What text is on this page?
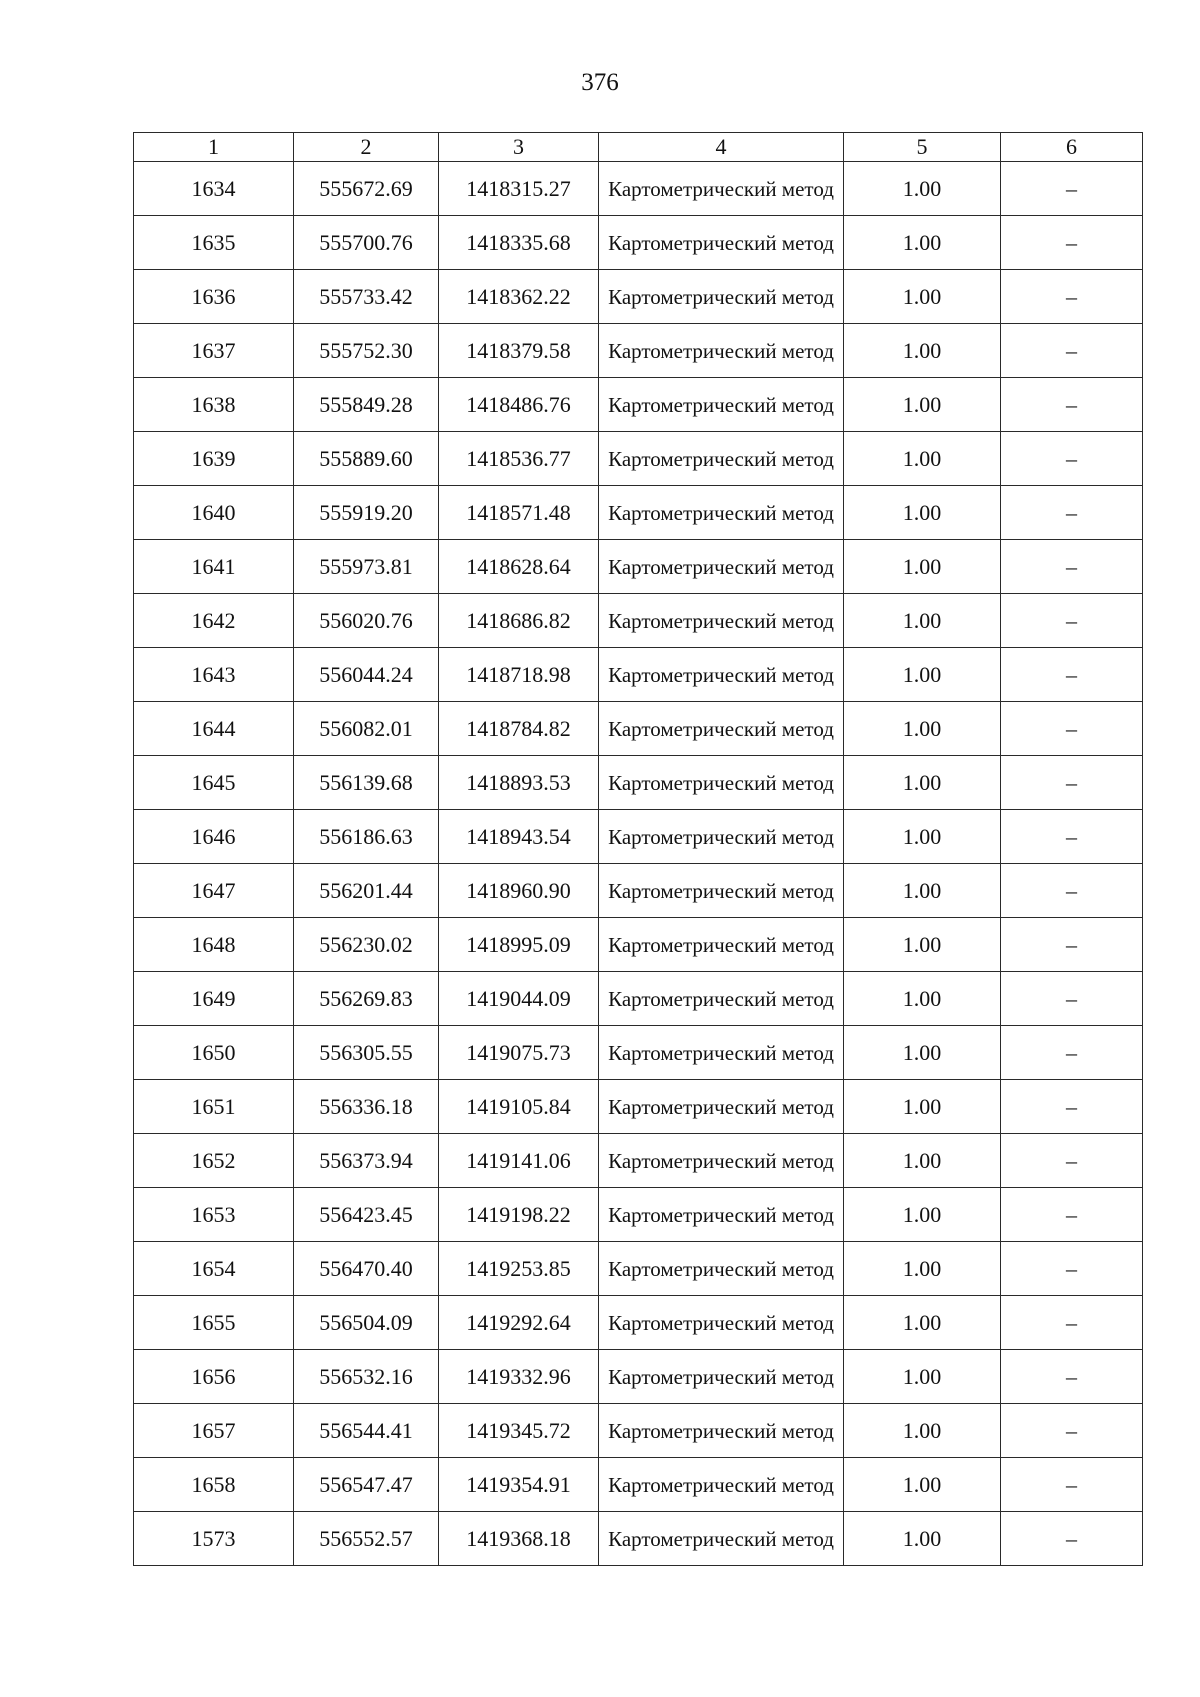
376
1	2	3	4	5	6
1634	555672.69	1418315.27	Картометрический метод	1.00	–
1635	555700.76	1418335.68	Картометрический метод	1.00	–
1636	555733.42	1418362.22	Картометрический метод	1.00	–
1637	555752.30	1418379.58	Картометрический метод	1.00	–
1638	555849.28	1418486.76	Картометрический метод	1.00	–
1639	555889.60	1418536.77	Картометрический метод	1.00	–
1640	555919.20	1418571.48	Картометрический метод	1.00	–
1641	555973.81	1418628.64	Картометрический метод	1.00	–
1642	556020.76	1418686.82	Картометрический метод	1.00	–
1643	556044.24	1418718.98	Картометрический метод	1.00	–
1644	556082.01	1418784.82	Картометрический метод	1.00	–
1645	556139.68	1418893.53	Картометрический метод	1.00	–
1646	556186.63	1418943.54	Картометрический метод	1.00	–
1647	556201.44	1418960.90	Картометрический метод	1.00	–
1648	556230.02	1418995.09	Картометрический метод	1.00	–
1649	556269.83	1419044.09	Картометрический метод	1.00	–
1650	556305.55	1419075.73	Картометрический метод	1.00	–
1651	556336.18	1419105.84	Картометрический метод	1.00	–
1652	556373.94	1419141.06	Картометрический метод	1.00	–
1653	556423.45	1419198.22	Картометрический метод	1.00	–
1654	556470.40	1419253.85	Картометрический метод	1.00	–
1655	556504.09	1419292.64	Картометрический метод	1.00	–
1656	556532.16	1419332.96	Картометрический метод	1.00	–
1657	556544.41	1419345.72	Картометрический метод	1.00	–
1658	556547.47	1419354.91	Картометрический метод	1.00	–
1573	556552.57	1419368.18	Картометрический метод	1.00	–
